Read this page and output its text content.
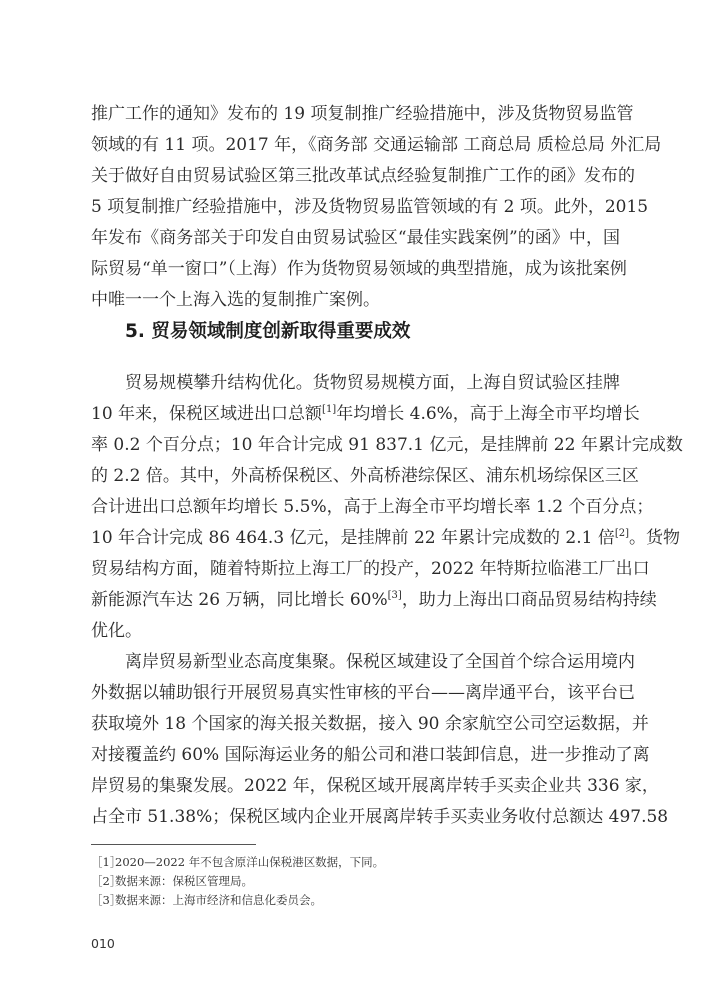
推广工作的通知》发布的 19 项复制推广经验措施中，涉及货物贸易监管
领域的有 11 项。2017 年，《商务部 交通运输部 工商总局 质检总局 外汇局
关于做好自由贸易试验区第三批改革试点经验复制推广工作的函》发布的
5 项复制推广经验措施中，涉及货物贸易监管领域的有 2 项。此外，2015
年发布《商务部关于印发自由贸易试验区“最佳实践案例”的函》中，国
际贸易“单一窗口”（上海）作为货物贸易领域的典型措施，成为该批案例
中唯一一个上海入选的复制推广案例。
5. 贸易领域制度创新取得重要成效
贸易规模攀升结构优化。货物贸易规模方面，上海自贸试验区挂牌
10 年来，保税区域进出口总额[1]年均增长 4.6%，高于上海全市平均增长
率 0.2 个百分点；10 年合计完成 91 837.1 亿元，是挂牌前 22 年累计完成数
的 2.2 倍。其中，外高桥保税区、外高桥港综保区、浦东机场综保区三区
合计进出口总额年均增长 5.5%，高于上海全市平均增长率 1.2 个百分点；
10 年合计完成 86 464.3 亿元，是挂牌前 22 年累计完成数的 2.1 倍[2]。货物
贸易结构方面，随着特斯拉上海工厂的投产，2022 年特斯拉临港工厂出口
新能源汽车达 26 万辆，同比增长 60%[3]，助力上海出口商品贸易结构持续
优化。
离岸贸易新型业态高度集聚。保税区域建设了全国首个综合运用境内
外数据以辅助银行开展贸易真实性审核的平台——离岸通平台，该平台已
获取境外 18 个国家的海关报关数据，接入 90 余家航空公司空运数据，并
对接覆盖约 60% 国际海运业务的船公司和港口装卸信息，进一步推动了离
岸贸易的集聚发展。2022 年，保税区域开展离岸转手买卖企业共 336 家，
占全市 51.38%；保税区域内企业开展离岸转手买卖业务收付总额达 497.58
［1］2020—2022 年不包含原洋山保税港区数据，下同。
［2］数据来源：保税区管理局。
［3］数据来源：上海市经济和信息化委员会。
010
